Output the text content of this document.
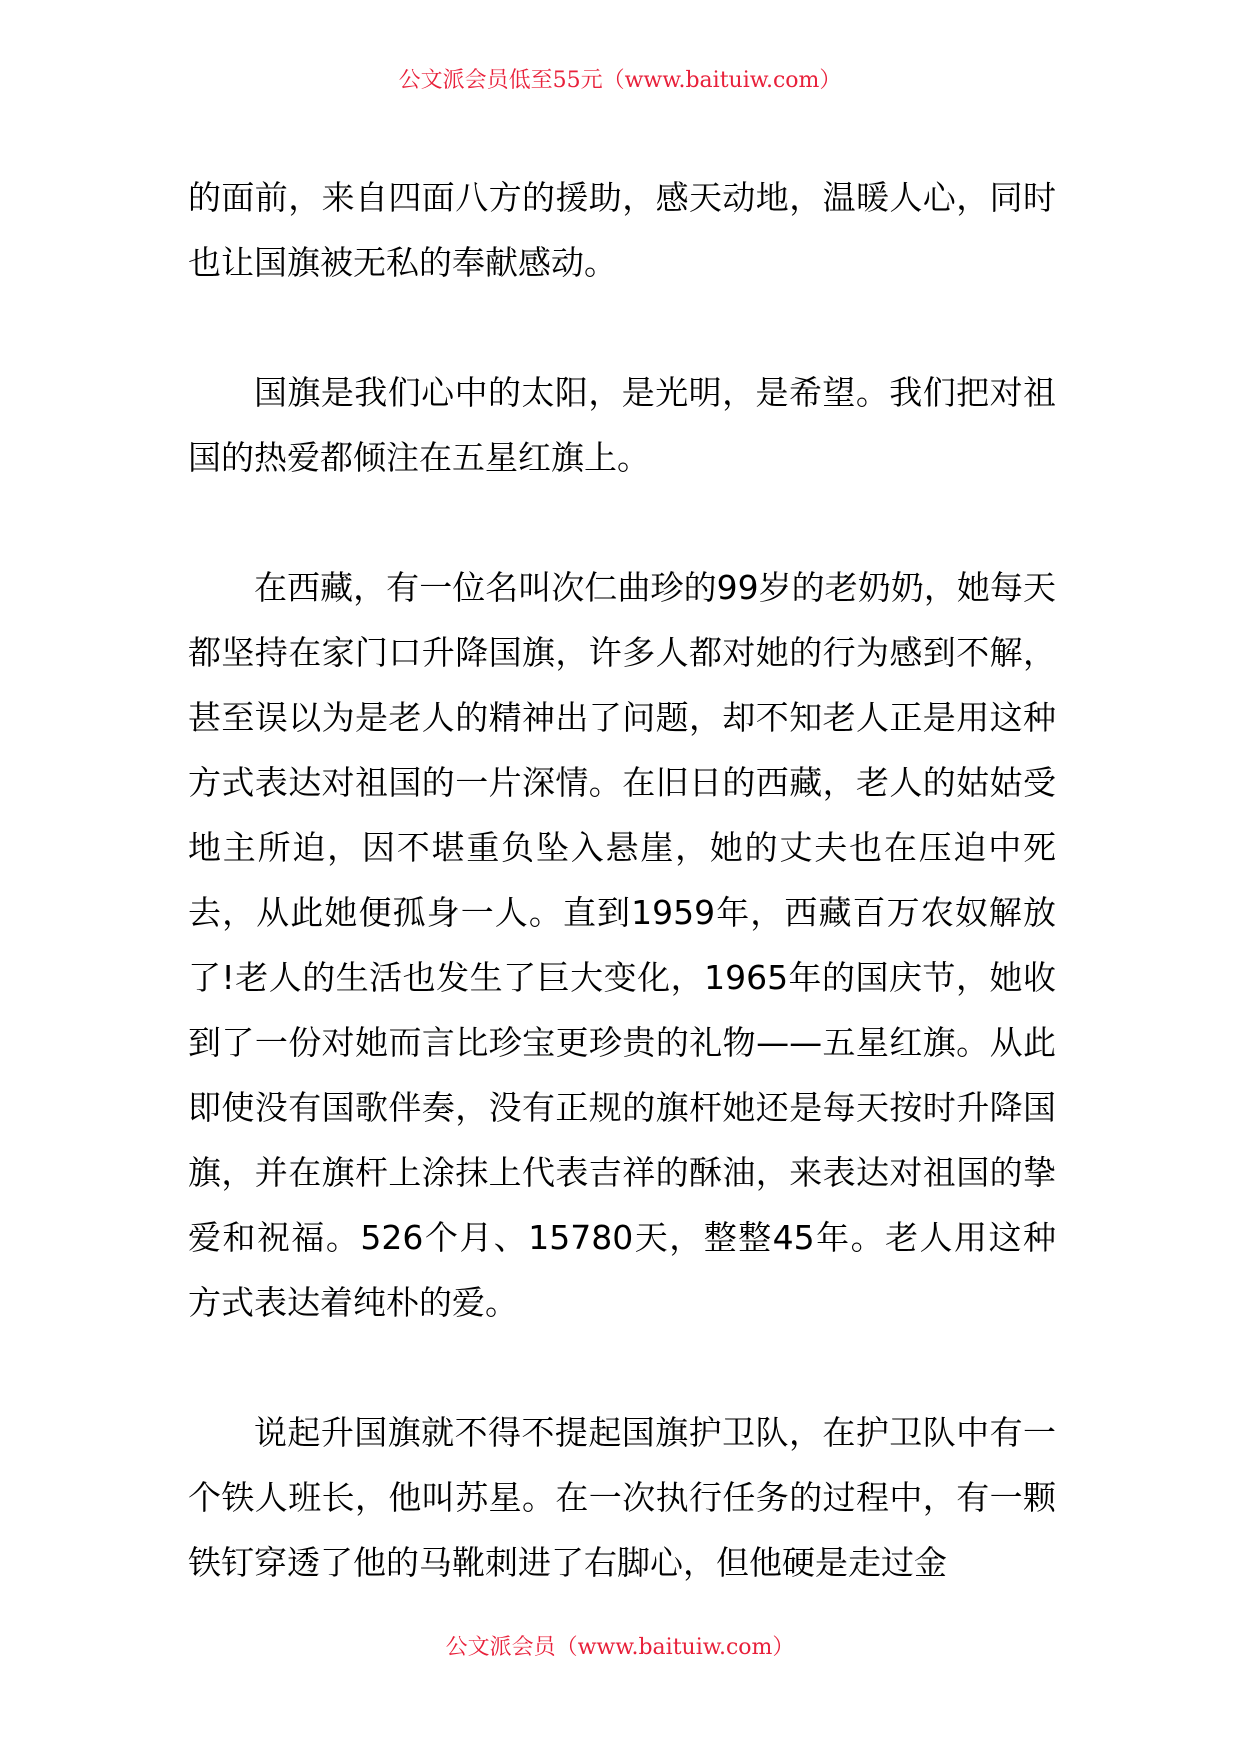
公文派会员低至55元（www.baituiw.com）

的面前，来自四面八方的援助，感天动地，温暖人心，同时也让国旗被无私的奉献感动。

国旗是我们心中的太阳，是光明，是希望。我们把对祖国的热爱都倾注在五星红旗上。

在西藏，有一位名叫次仁曲珍的99岁的老奶奶，她每天都坚持在家门口升降国旗，许多人都对她的行为感到不解，甚至误以为是老人的精神出了问题，却不知老人正是用这种方式表达对祖国的一片深情。在旧日的西藏，老人的姑姑受地主所迫，因不堪重负坠入悬崖，她的丈夫也在压迫中死去，从此她便孤身一人。直到1959年，西藏百万农奴解放了!老人的生活也发生了巨大变化，1965年的国庆节，她收到了一份对她而言比珍宝更珍贵的礼物——五星红旗。从此即使没有国歌伴奏，没有正规的旗杆她还是每天按时升降国旗，并在旗杆上涂抹上代表吉祥的酥油，来表达对祖国的挚爱和祝福。526个月、15780天，整整45年。老人用这种方式表达着纯朴的爱。

说起升国旗就不得不提起国旗护卫队，在护卫队中有一个铁人班长，他叫苏星。在一次执行任务的过程中，有一颗铁钉穿透了他的马靴刺进了右脚心，但他硬是走过金

公文派会员（www.baituiw.com）
